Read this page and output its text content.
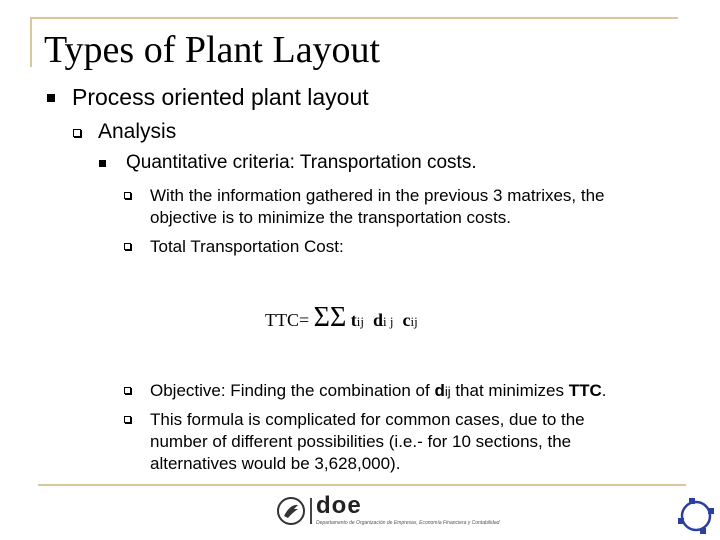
Types of Plant Layout
Process oriented plant layout
Analysis
Quantitative criteria: Transportation costs.
With the information gathered in the previous 3 matrixes, the
objective is to minimize the transportation costs.
Total Transportation Cost:
TTC= ΣΣ tij di j cij
Objective: Finding the combination of dij that minimizes TTC.
This formula is complicated for common cases, due to the
number of different possibilities (i.e.- for 10 sections, the
alternatives would be 3,628,000).
doe
Departamento de Organización de Empresas, Economía Financiera y Contabilidad
